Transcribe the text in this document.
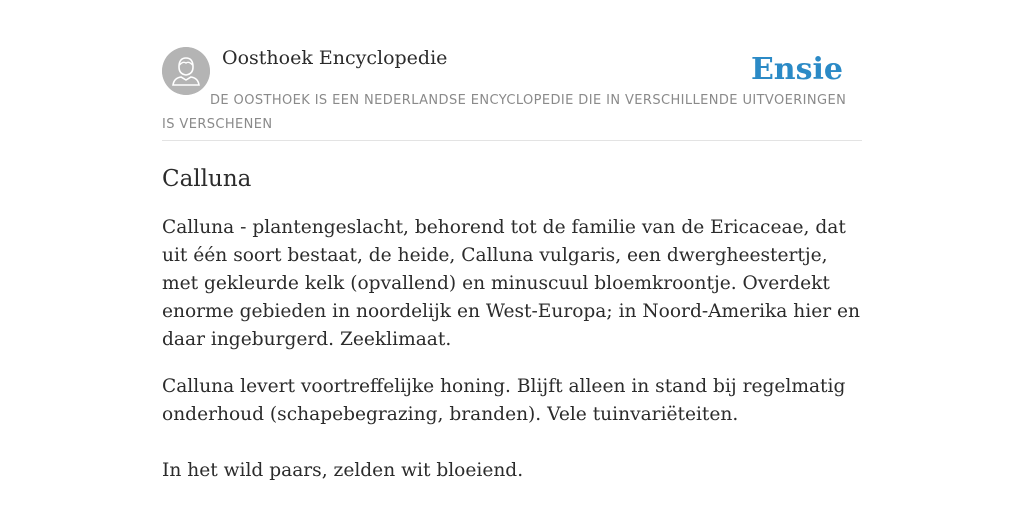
Oosthoek Encyclopedie	Ensie
DE OOSTHOEK IS EEN NEDERLANDSE ENCYCLOPEDIE DIE IN VERSCHILLENDE UITVOERINGEN IS VERSCHENEN
Calluna

Calluna - plantengeslacht, behorend tot de familie van de Ericaceae, dat uit één soort bestaat, de heide, Calluna vulgaris, een dwergheestertje, met gekleurde kelk (opvallend) en minuscuul bloemkroontje. Overdekt enorme gebieden in noordelijk en West-Europa; in Noord-Amerika hier en daar ingeburgerd. Zeeklimaat.

Calluna levert voortreffelijke honing. Blijft alleen in stand bij regelmatig onderhoud (schapebegrazing, branden). Vele tuinvariëteiten.

In het wild paars, zelden wit bloeiend.
